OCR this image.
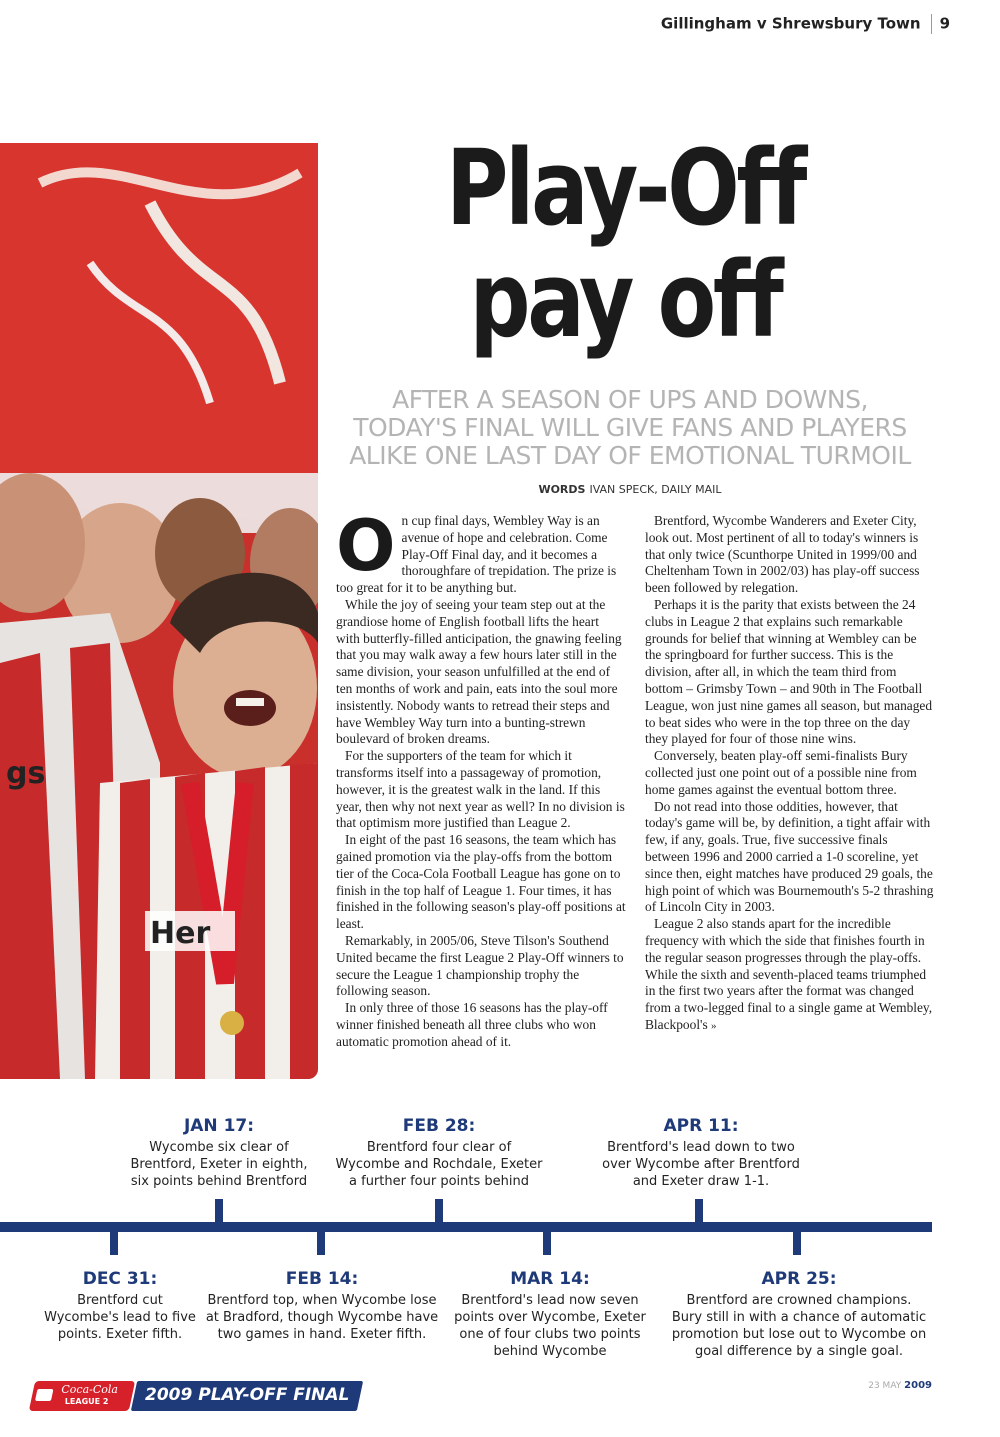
Gillingham v Shrewsbury Town 9
Her
gs
Play-Off
pay off
AFTER A SEASON OF UPS AND DOWNS, TODAY'S FINAL WILL GIVE FANS AND PLAYERS ALIKE ONE LAST DAY OF EMOTIONAL TURMOIL
WORDS IVAN SPECK, DAILY MAIL
O n cup final days, Wembley Way is an avenue of hope and celebration. Come Play-Off Final day, and it becomes a thoroughfare of trepidation. The prize is too great for it to be anything but.

While the joy of seeing your team step out at the grandiose home of English football lifts the heart with butterfly-filled anticipation, the gnawing feeling that you may walk away a few hours later still in the same division, your season unfulfilled at the end of ten months of work and pain, eats into the soul more insistently. Nobody wants to retread their steps and have Wembley Way turn into a bunting-strewn boulevard of broken dreams.

For the supporters of the team for which it transforms itself into a passageway of promotion, however, it is the greatest walk in the land. If this year, then why not next year as well? In no division is that optimism more justified than League 2.

In eight of the past 16 seasons, the team which has gained promotion via the play-offs from the bottom tier of the Coca-Cola Football League has gone on to finish in the top half of League 1. Four times, it has finished in the following season's play-off positions at least.

Remarkably, in 2005/06, Steve Tilson's Southend United became the first League 2 Play-Off winners to secure the League 1 championship trophy the following season.

In only three of those 16 seasons has the play-off winner finished beneath all three clubs who won automatic promotion ahead of it.

Brentford, Wycombe Wanderers and Exeter City, look out. Most pertinent of all to today's winners is that only twice (Scunthorpe United in 1999/00 and Cheltenham Town in 2002/03) has play-off success been followed by relegation.

Perhaps it is the parity that exists between the 24 clubs in League 2 that explains such remarkable grounds for belief that winning at Wembley can be the springboard for further success. This is the division, after all, in which the team third from bottom – Grimsby Town – and 90th in The Football League, won just nine games all season, but managed to beat sides who were in the top three on the day they played for four of those nine wins.

Conversely, beaten play-off semi-finalists Bury collected just one point out of a possible nine from home games against the eventual bottom three.

Do not read into those oddities, however, that today's game will be, by definition, a tight affair with few, if any, goals. True, five successive finals between 1996 and 2000 carried a 1-0 scoreline, yet since then, eight matches have produced 29 goals, the high point of which was Bournemouth's 5-2 thrashing of Lincoln City in 2003.

League 2 also stands apart for the incredible frequency with which the side that finishes fourth in the regular season progresses through the play-offs. While the sixth and seventh-placed teams triumphed in the first two years after the format was changed from a two-legged final to a single game at Wembley, Blackpool's »

JAN 17:
Wycombe six clear of Brentford, Exeter in eighth, six points behind Brentford
FEB 28:
Brentford four clear of Wycombe and Rochdale, Exeter a further four points behind
APR 11:
Brentford's lead down to two over Wycombe after Brentford and Exeter draw 1-1.
DEC 31:
Brentford cut Wycombe's lead to five points. Exeter fifth.
FEB 14:
Brentford top, when Wycombe lose at Bradford, though Wycombe have two games in hand. Exeter fifth.
MAR 14:
Brentford's lead now seven points over Wycombe, Exeter one of four clubs two points behind Wycombe
APR 25:
Brentford are crowned champions. Bury still in with a chance of automatic promotion but lose out to Wycombe on goal difference by a single goal.
Coca-Cola
LEAGUE 2	2009 PLAY-OFF FINAL	23 MAY 2009
